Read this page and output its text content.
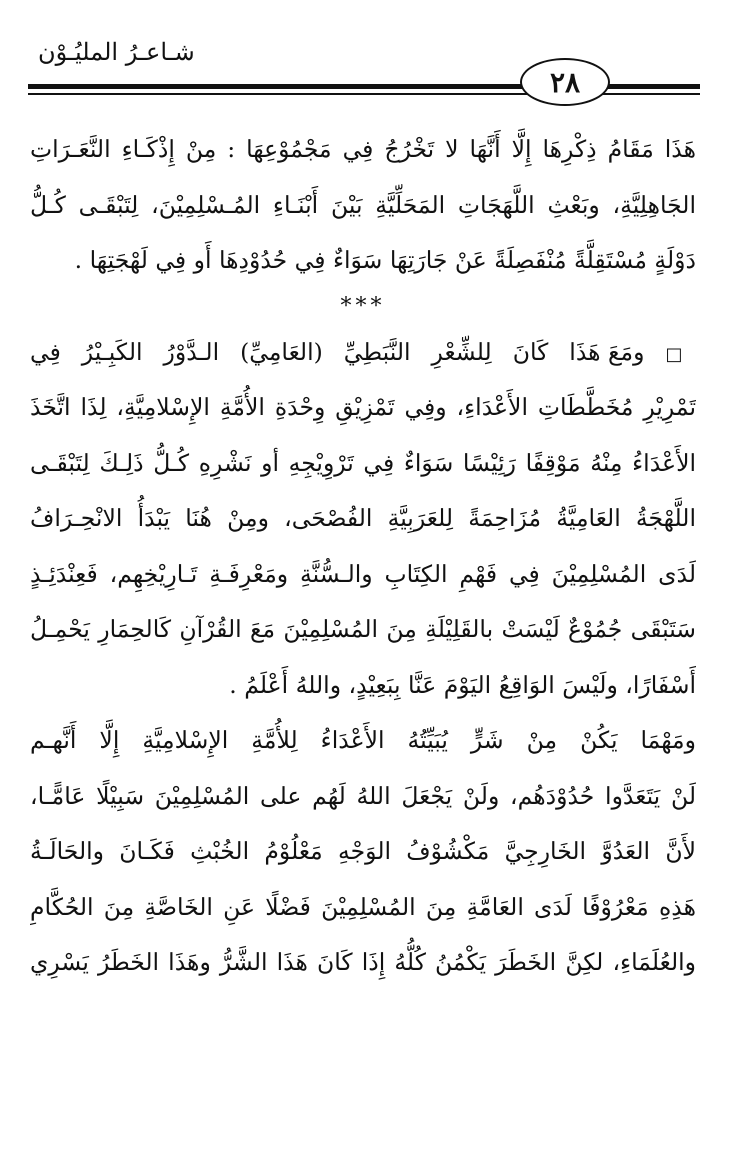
شـاعـرُ المليُـوْن
٢٨
هَذَا مَقَامُ ذِكْرِهَا إِلَّا أَنَّهَا لا تَخْرُجُ فِي مَجْمُوْعِهَا : مِنْ إِذْكَـاءِ النَّعَـرَاتِ
الجَاهِلِيَّةِ، وبَعْثِ اللَّهَجَاتِ المَحَلِّيَّةِ بَيْنَ أَبْنَـاءِ المُـسْلِمِيْنَ، لِتَبْقَـى كُـلُّ
دَوْلَةٍ مُسْتَقِلَّةً مُنْفَصِلَةً عَنْ جَارَتِهَا سَوَاءٌ فِي حُدُوْدِهَا أَو فِي لَهْجَتِهَا .
***
□ ومَعَ هَذَا كَانَ لِلشِّعْرِ النَّبَطِيِّ (العَامِيِّ) الـدَّوْرُ الكَبِـيْرُ فِي
تَمْرِيْرِ مُخَطَّطَاتِ الأَعْدَاءِ، وفِي تَمْزِيْقِ وِحْدَةِ الأُمَّةِ الإِسْلامِيَّةِ، لِذَا اتَّخَذَ
الأَعْدَاءُ مِنْهُ مَوْقِفًا رَئِيْسًا سَوَاءٌ فِي تَرْوِيْجِهِ أو نَشْرِهِ كُـلُّ ذَلِـكَ لِتَبْقَـى
اللَّهْجَةُ العَامِيَّةُ مُزَاحِمَةً لِلعَرَبِيَّةِ الفُصْحَى، ومِنْ هُنَا يَبْدَأُ الانْحِـرَافُ
لَدَى المُسْلِمِيْنَ فِي فَهْمِ الكِتَابِ والـسُّنَّةِ ومَعْرِفَـةِ تَـارِيْخِهِم، فَعِنْدَئِـذٍ
سَتَبْقَى جُمُوْعٌ لَيْسَتْ بالقَلِيْلَةِ مِنَ المُسْلِمِيْنَ مَعَ القُرْآنِ كَالحِمَارِ يَحْمِـلُ
أَسْفَارًا، ولَيْسَ الوَاقِعُ اليَوْمَ عَنَّا بِبَعِيْدٍ، واللهُ أَعْلَمُ .
ومَهْمَا يَكُنْ مِنْ شَرٍّ يُبَيِّتُهُ الأَعْدَاءُ لِلأُمَّةِ الإِسْلامِيَّةِ إِلَّا أَنَّهـم
لَنْ يَتَعَدَّوا حُدُوْدَهُم، ولَنْ يَجْعَلَ اللهُ لَهُم على المُسْلِمِيْنَ سَبِيْلًا عَامًّـا،
لأَنَّ العَدُوَّ الخَارِجِيَّ مَكْشُوْفُ الوَجْهِ مَعْلُوْمُ الخُبْثِ فَكَـانَ والحَالَـةُ
هَذِهِ مَعْرُوْفًا لَدَى العَامَّةِ مِنَ المُسْلِمِيْنَ فَضْلًا عَنِ الخَاصَّةِ مِنَ الحُكَّامِ
والعُلَمَاءِ، لكِنَّ الخَطَرَ يَكْمُنُ كُلُّهُ إِذَا كَانَ هَذَا الشَّرُّ وهَذَا الخَطَرُ يَسْرِي
